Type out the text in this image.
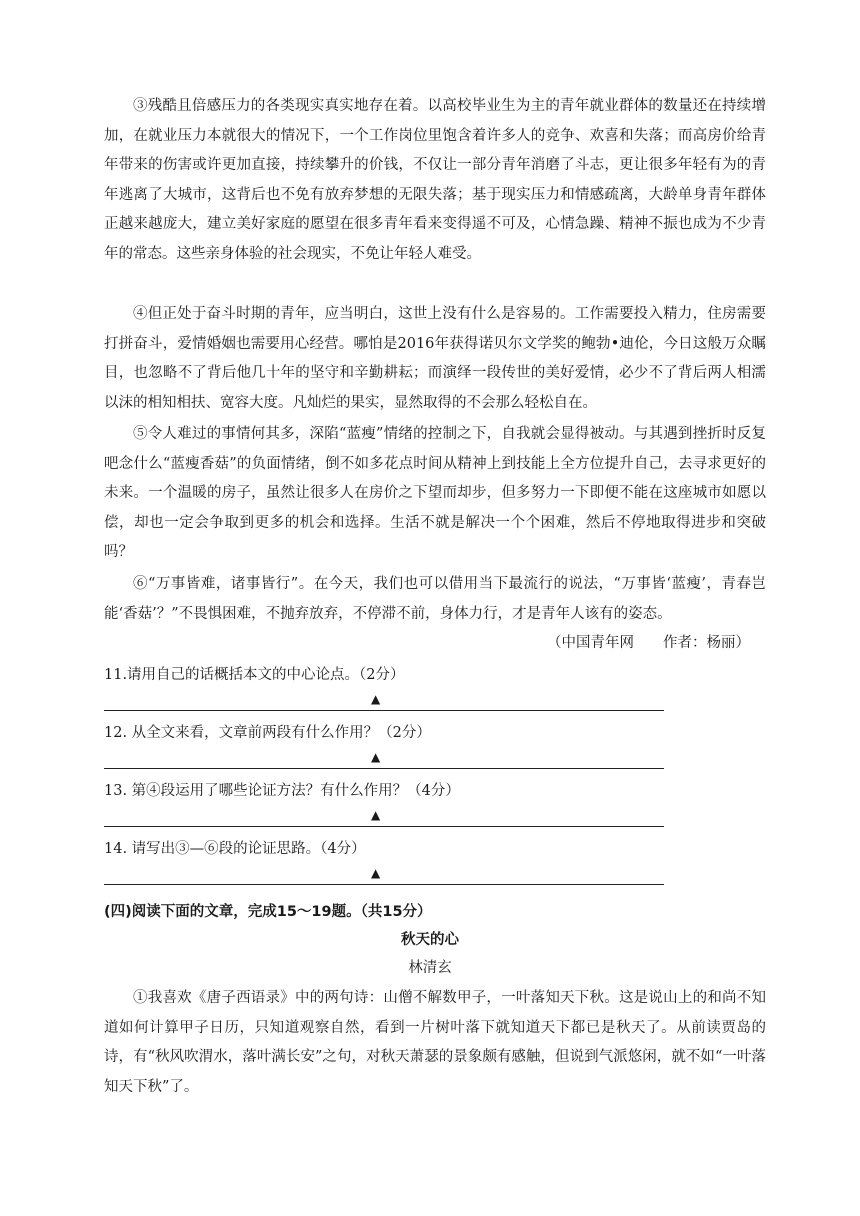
③残酷且倍感压力的各类现实真实地存在着。以高校毕业生为主的青年就业群体的数量还在持续增加，在就业压力本就很大的情况下，一个工作岗位里饱含着许多人的竞争、欢喜和失落；而高房价给青年带来的伤害或许更加直接，持续攀升的价钱，不仅让一部分青年消磨了斗志，更让很多年轻有为的青年逃离了大城市，这背后也不免有放弃梦想的无限失落；基于现实压力和情感疏离，大龄单身青年群体正越来越庞大，建立美好家庭的愿望在很多青年看来变得遥不可及，心情急躁、精神不振也成为不少青年的常态。这些亲身体验的社会现实，不免让年轻人难受。

④但正处于奋斗时期的青年，应当明白，这世上没有什么是容易的。工作需要投入精力，住房需要打拼奋斗，爱情婚姻也需要用心经营。哪怕是2016年获得诺贝尔文学奖的鲍勃•迪伦，今日这般万众瞩目，也忽略不了背后他几十年的坚守和辛勤耕耘；而演绎一段传世的美好爱情，必少不了背后两人相濡以沫的相知相扶、宽容大度。凡灿烂的果实，显然取得的不会那么轻松自在。

⑤令人难过的事情何其多，深陷“蓝瘦”情绪的控制之下，自我就会显得被动。与其遇到挫折时反复吧念什么“蓝瘦香菇”的负面情绪，倒不如多花点时间从精神上到技能上全方位提升自己，去寻求更好的未来。一个温暖的房子，虽然让很多人在房价之下望而却步，但多努力一下即便不能在这座城市如愿以偿，却也一定会争取到更多的机会和选择。生活不就是解决一个个困难，然后不停地取得进步和突破吗？

⑥“万事皆难，诸事皆行”。在今天，我们也可以借用当下最流行的说法，“万事皆‘蓝瘦’，青春岂能‘香菇’？”不畏惧困难，不抛弃放弃，不停滞不前，身体力行，才是青年人该有的姿态。

（中国青年网　　作者：杨丽）
11.请用自己的话概括本文的中心论点。（2分）
▲
12. 从全文来看，文章前两段有什么作用？（2分）
▲
13. 第④段运用了哪些论证方法？有什么作用？（4分）
▲
14. 请写出③—⑥段的论证思路。（4分）
▲
(四)阅读下面的文章，完成15～19题。（共15分）
秋天的心
林清玄

①我喜欢《唐子西语录》中的两句诗：山僧不解数甲子，一叶落知天下秋。这是说山上的和尚不知道如何计算甲子日历，只知道观察自然，看到一片树叶落下就知道天下都已是秋天了。从前读贾岛的诗，有“秋风吹渭水，落叶满长安”之句，对秋天萧瑟的景象颇有感触，但说到气派悠闲，就不如“一叶落知天下秋”了。
